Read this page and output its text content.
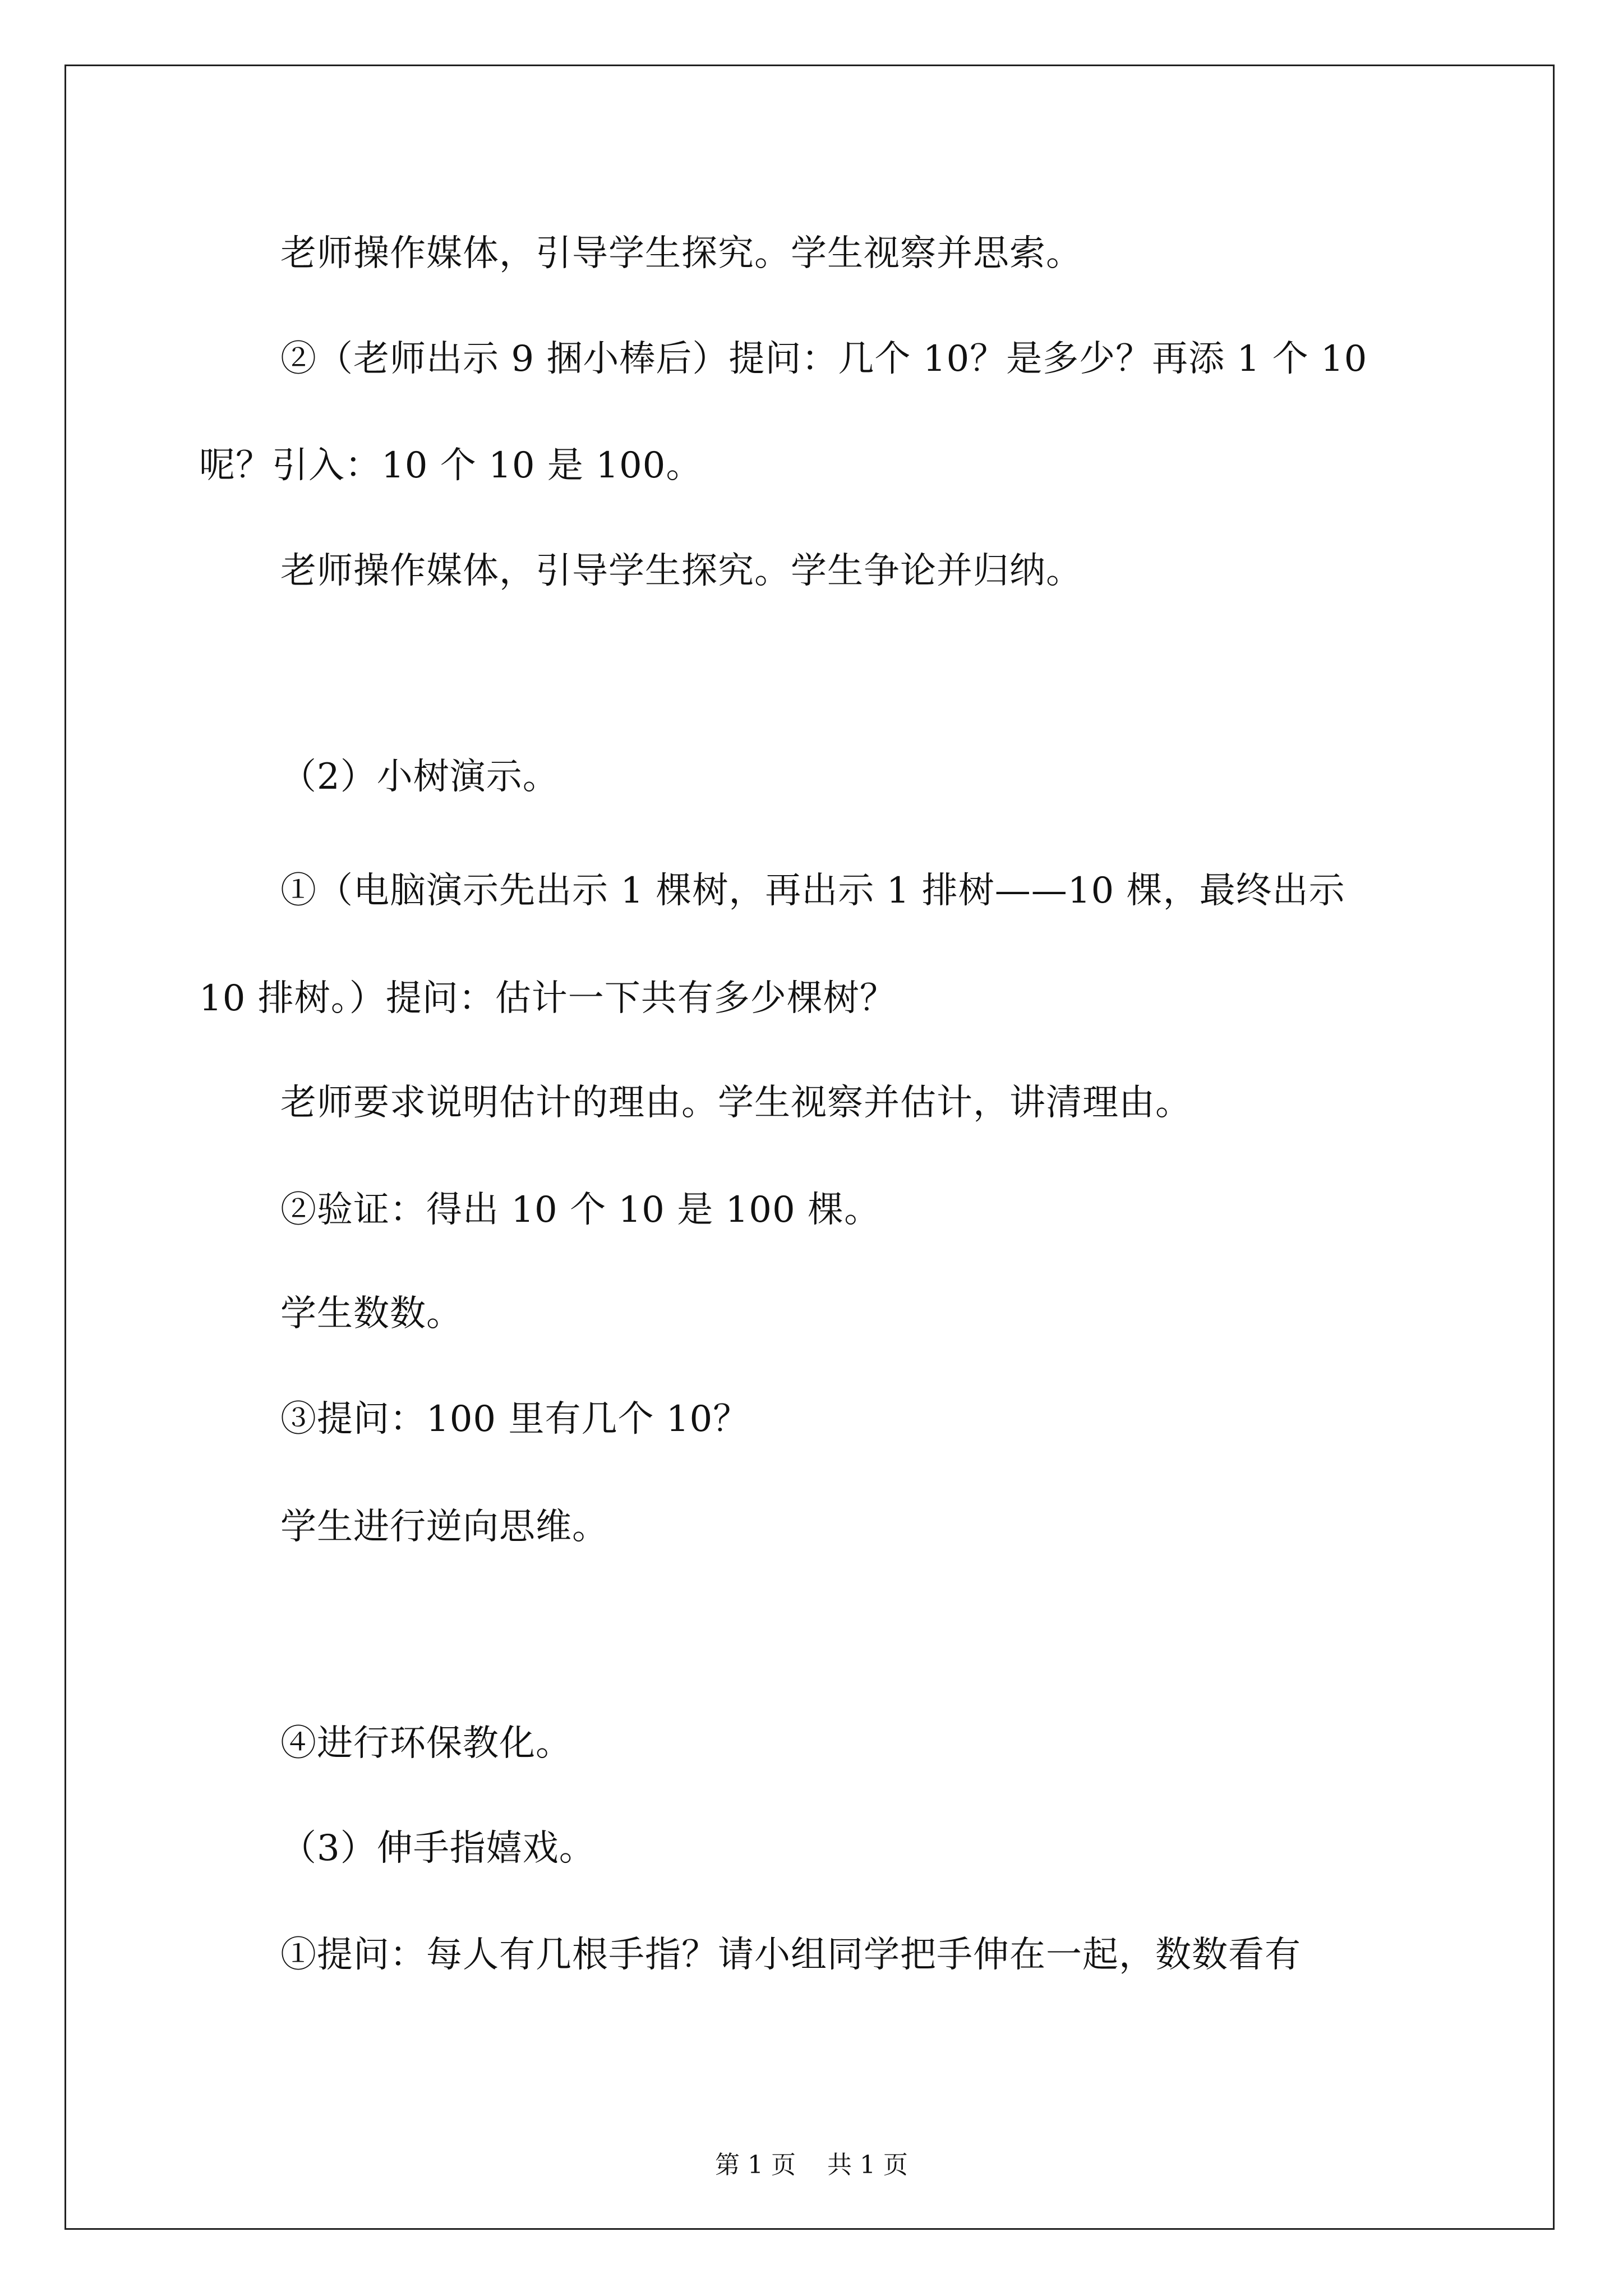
老师操作媒体，引导学生探究。学生视察并思索。
②（老师出示 9 捆小棒后）提问：几个 10？是多少？再添 1 个 10
呢？引入：10 个 10 是 100。
老师操作媒体，引导学生探究。学生争论并归纳。
（2）小树演示。
①（电脑演示先出示 1 棵树，再出示 1 排树——10 棵，最终出示
10 排树。）提问：估计一下共有多少棵树？
老师要求说明估计的理由。学生视察并估计，讲清理由。
②验证：得出 10 个 10 是 100 棵。
学生数数。
③提问：100 里有几个 10？
学生进行逆向思维。
④进行环保教化。
（3）伸手指嬉戏。
①提问：每人有几根手指？请小组同学把手伸在一起，数数看有
第 1 页    共 1 页
